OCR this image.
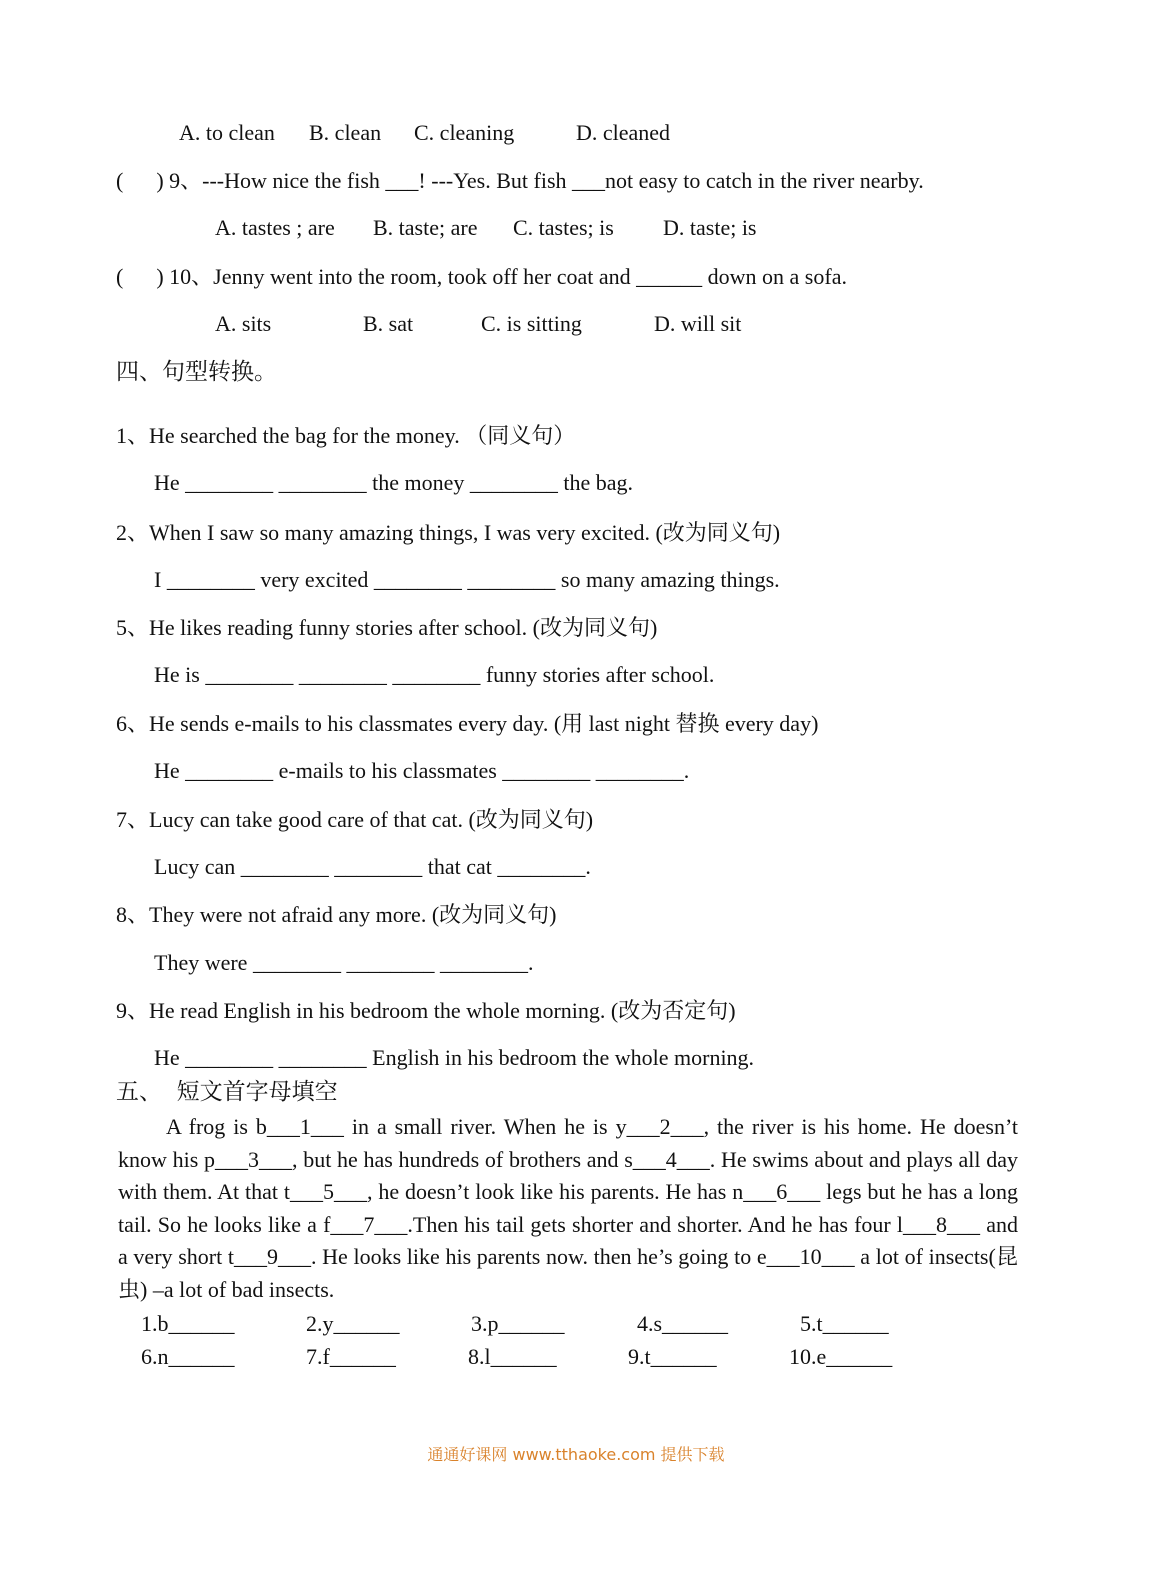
A. to clean B. clean C. cleaning	D. cleaned
(      ) 9、---How nice the fish ___! ---Yes. But fish ___not easy to catch in the river nearby.
A. tastes ; are B. taste; are C. tastes; is D. taste; is
(      ) 10、Jenny went into the room, took off her coat and ______ down on a sofa.
A. sits	B. sat	C. is sitting	D. will sit
四、句型转换。
1、He searched the bag for the money. （同义句）
He ________ ________ the money ________ the bag.
2、When I saw so many amazing things, I was very excited. (改为同义句)
I ________ very excited ________ ________ so many amazing things.
5、He likes reading funny stories after school. (改为同义句)
He is ________ ________ ________ funny stories after school.
6、He sends e-mails to his classmates every day. (用 last night 替换 every day)
He ________ e-mails to his classmates ________ ________.
7、Lucy can take good care of that cat. (改为同义句)
Lucy can ________ ________ that cat ________.
8、They were not afraid any more. (改为同义句)
They were ________ ________ ________.
9、He read English in his bedroom the whole morning. (改为否定句)
He ________ ________ English in his bedroom the whole morning.
五、  短文首字母填空
A frog is b___1___ in a small river. When he is y___2___, the river is his home. He doesn’t know his p___3___, but he has hundreds of brothers and s___4___. He swims about and plays all day with them. At that t___5___, he doesn’t look like his parents. He has n___6___ legs but he has a long tail. So he looks like a f___7___.Then his tail gets shorter and shorter. And he has four l___8___ and a very short t___9___. He looks like his parents now. then he’s going to e___10___ a lot of insects(昆虫) –a lot of bad insects.
1.b______	2.y______	3.p______	4.s______	5.t______
6.n______	7.f______	8.l______	9.t______	10.e______
通通好课网 www.tthaoke.com 提供下载
